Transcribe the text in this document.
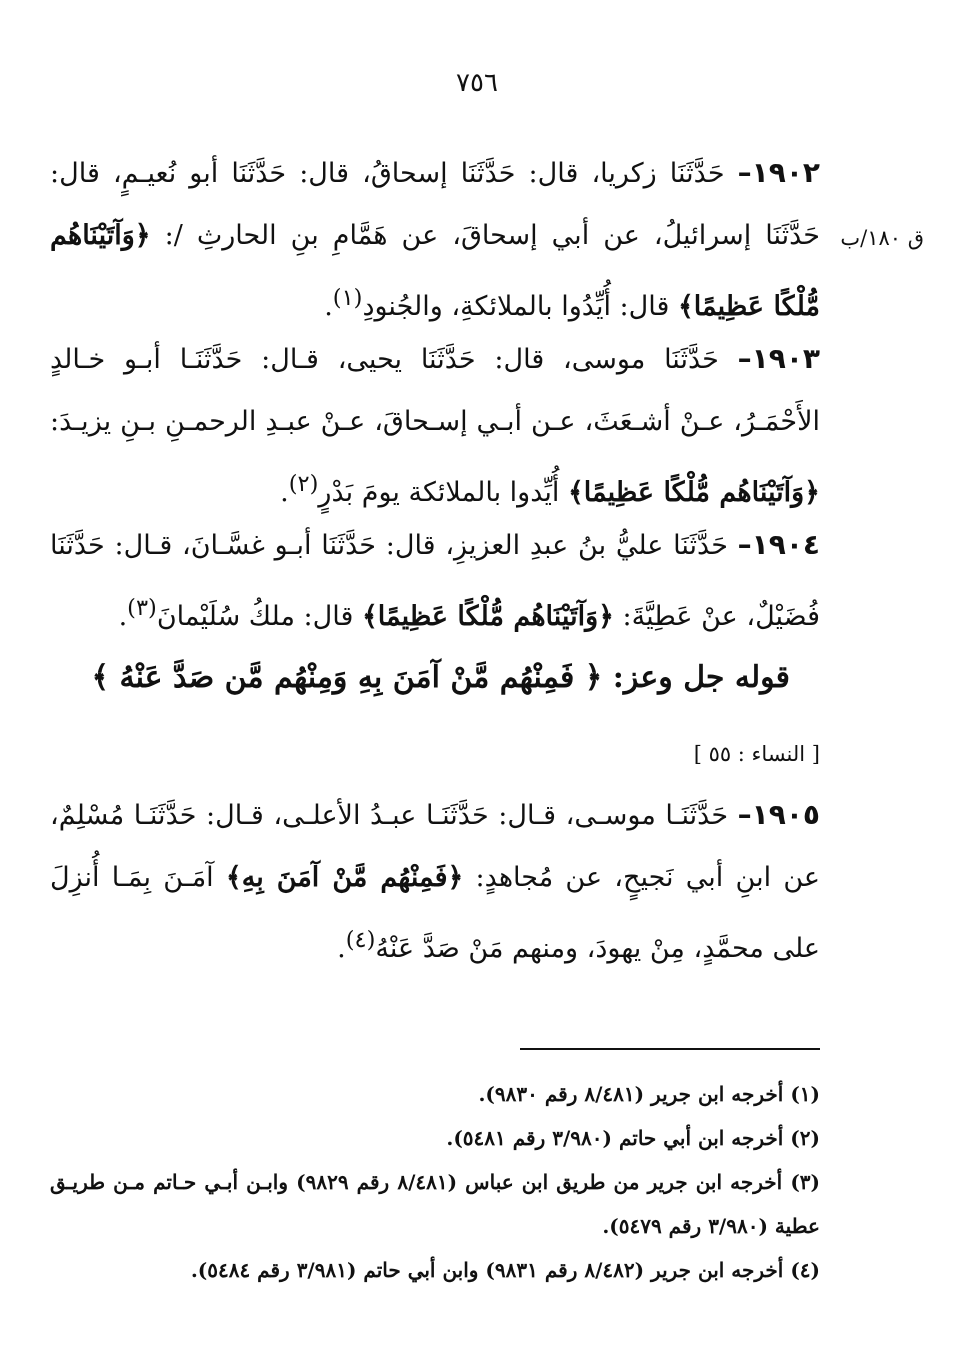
٧٥٦
ق ١٨٠/ب

١٩٠٢– حَدَّثَنَا زكريا، قال: حَدَّثَنَا إسحاقُ، قال: حَدَّثَنَا أبو نُعيـمٍ، قال: حَدَّثَنَا إسرائيلُ، عن أبي إسحاقَ، عن هَمَّامِ بنِ الحارثِ /: ﴿وَآتَيْنَاهُم مُّلْكًا عَظِيمًا﴾ قال: أُيِّدُوا بالملائكةِ، والجُنودِ$^{(١)}$.

١٩٠٣– حَدَّثَنَا موسى، قال: حَدَّثَنَا يحيى، قـال: حَدَّثَنَـا أبـو خـالدٍ الأَحْمَـرُ، عـنْ أشـعَثَ، عـن أبـي إسـحاقَ، عـنْ عبـدِ الرحمـنِ بـنِ يزيـدَ: ﴿وَآتَيْنَاهُم مُّلْكًا عَظِيمًا﴾ أُيِّدوا بالملائكة يومَ بَدْرٍ$^{(٢)}$.

١٩٠٤– حَدَّثَنَا عليُّ بنُ عبدِ العزيزِ، قال: حَدَّثَنَا أبـو غسَّـانَ، قـال: حَدَّثَنَا فُضَيْلٌ، عنْ عَطِيَّةَ: ﴿وَآتَيْنَاهُم مُّلْكًا عَظِيمًا﴾ قال: ملكُ سُلَيْمانَ$^{(٣)}$.

قوله جل وعز: ﴿ فَمِنْهُم مَّنْ آمَنَ بِهِ وَمِنْهُم مَّن صَدَّ عَنْهُ ﴾

[ النساء : ٥٥ ]

١٩٠٥– حَدَّثَنَـا موسـى، قـال: حَدَّثَنَـا عبـدُ الأعلـى، قـال: حَدَّثَنَـا مُسْلِمٌ، عن ابنِ أبي نَجيحٍ، عن مُجاهدٍ: ﴿فَمِنْهُم مَّنْ آمَنَ بِهِ﴾ آمَـنَ بِمَـا أُنزِلَ على محمَّدٍ، مِنْ يهودَ، ومنهم مَنْ صَدَّ عَنْهُ$^{(٤)}$.

(١) أخرجه ابن جرير (٨/٤٨١ رقم ٩٨٣٠).

(٢) أخرجه ابن أبي حاتم (٣/٩٨٠ رقم ٥٤٨١).

(٣) أخرجه ابن جرير من طريق ابن عباس (٨/٤٨١ رقم ٩٨٢٩) وابـن أبـي حـاتم مـن طريـق عطية (٣/٩٨٠ رقم ٥٤٧٩).

(٤) أخرجه ابن جرير (٨/٤٨٢ رقم ٩٨٣١) وابن أبي حاتم (٣/٩٨١ رقم ٥٤٨٤).
